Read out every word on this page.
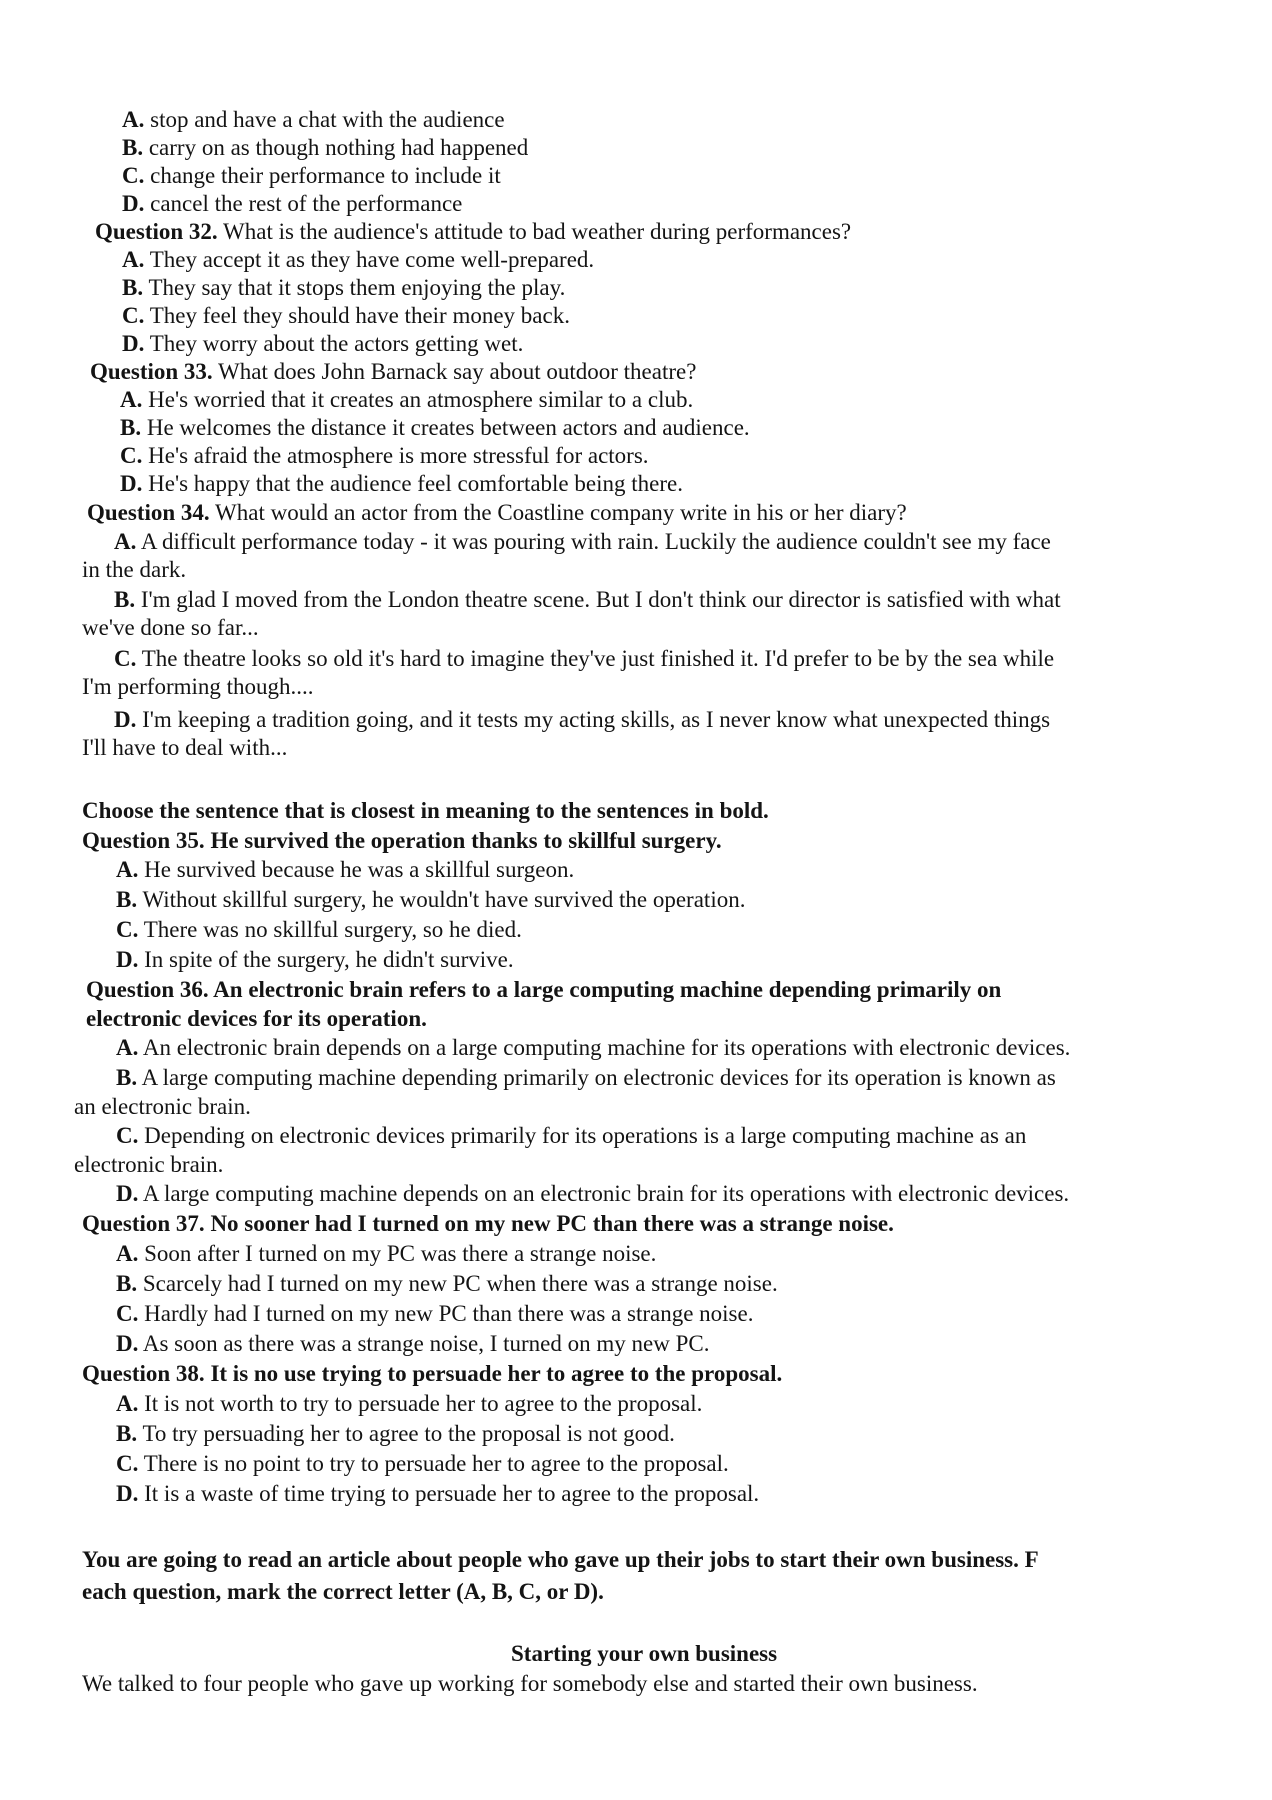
A. stop and have a chat with the audience
B. carry on as though nothing had happened
C. change their performance to include it
D. cancel the rest of the performance
Question 32. What is the audience's attitude to bad weather during performances?
A. They accept it as they have come well-prepared.
B. They say that it stops them enjoying the play.
C. They feel they should have their money back.
D. They worry about the actors getting wet.
Question 33. What does John Barnack say about outdoor theatre?
A. He's worried that it creates an atmosphere similar to a club.
B. He welcomes the distance it creates between actors and audience.
C. He's afraid the atmosphere is more stressful for actors.
D. He's happy that the audience feel comfortable being there.
Question 34. What would an actor from the Coastline company write in his or her diary?
A. A difficult performance today - it was pouring with rain. Luckily the audience couldn't see my face
in the dark.
B. I'm glad I moved from the London theatre scene. But I don't think our director is satisfied with what
we've done so far...
C. The theatre looks so old it's hard to imagine they've just finished it. I'd prefer to be by the sea while
I'm performing though....
D. I'm keeping a tradition going, and it tests my acting skills, as I never know what unexpected things
I'll have to deal with...
Choose the sentence that is closest in meaning to the sentences in bold.
Question 35. He survived the operation thanks to skillful surgery.
A. He survived because he was a skillful surgeon.
B. Without skillful surgery, he wouldn't have survived the operation.
C. There was no skillful surgery, so he died.
D. In spite of the surgery, he didn't survive.
Question 36. An electronic brain refers to a large computing machine depending primarily on
electronic devices for its operation.
A. An electronic brain depends on a large computing machine for its operations with electronic devices.
B. A large computing machine depending primarily on electronic devices for its operation is known as
an electronic brain.
C. Depending on electronic devices primarily for its operations is a large computing machine as an
electronic brain.
D. A large computing machine depends on an electronic brain for its operations with electronic devices.
Question 37. No sooner had I turned on my new PC than there was a strange noise.
A. Soon after I turned on my PC was there a strange noise.
B. Scarcely had I turned on my new PC when there was a strange noise.
C. Hardly had I turned on my new PC than there was a strange noise.
D. As soon as there was a strange noise, I turned on my new PC.
Question 38. It is no use trying to persuade her to agree to the proposal.
A. It is not worth to try to persuade her to agree to the proposal.
B. To try persuading her to agree to the proposal is not good.
C. There is no point to try to persuade her to agree to the proposal.
D. It is a waste of time trying to persuade her to agree to the proposal.
You are going to read an article about people who gave up their jobs to start their own business. F
each question, mark the correct letter (A, B, C, or D).
Starting your own business
We talked to four people who gave up working for somebody else and started their own business.
